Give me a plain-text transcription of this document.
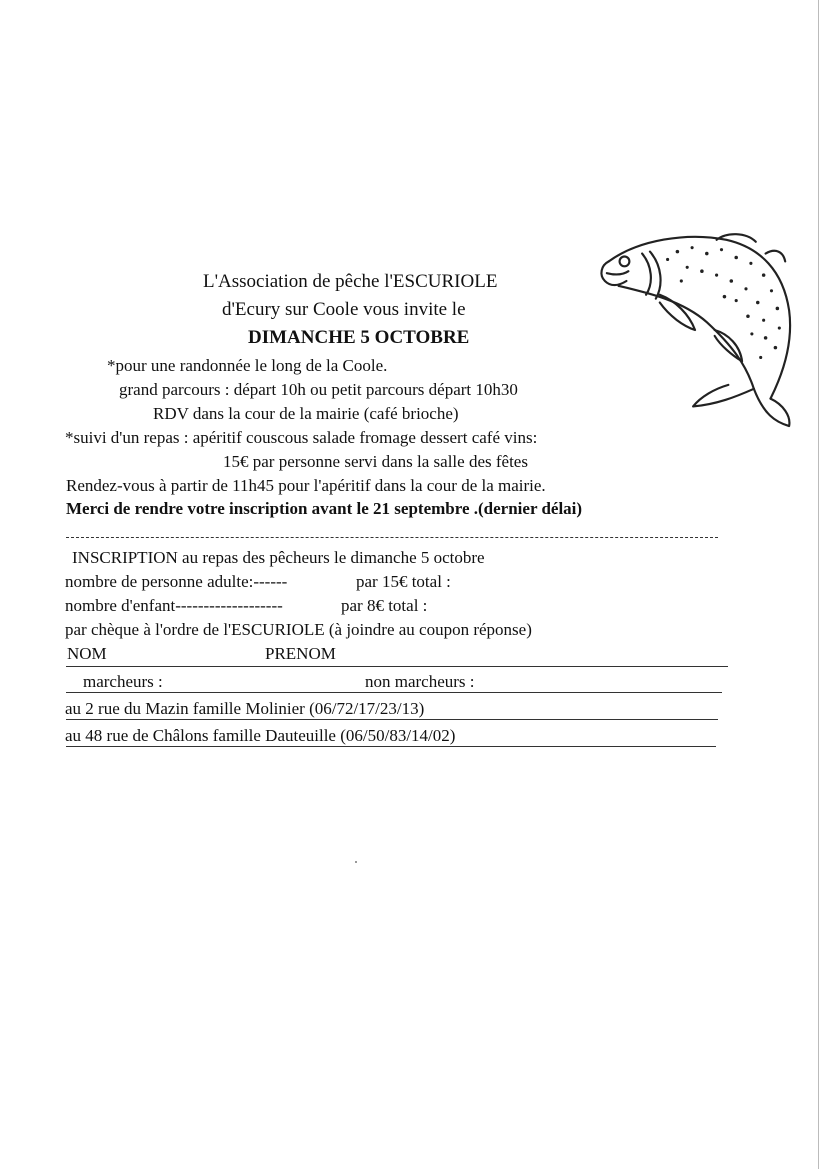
L'Association de pêche l'ESCURIOLE
d'Ecury sur Coole vous invite le
DIMANCHE 5 OCTOBRE
*pour une randonnée le long de la Coole.
grand parcours : départ 10h ou petit parcours départ 10h30
RDV dans la cour de la mairie (café brioche)
*suivi d'un repas : apéritif couscous salade fromage dessert café vins:
15€ par personne servi dans la salle des fêtes
Rendez-vous à partir de 11h45 pour l'apéritif dans la cour de la mairie.
Merci de rendre votre inscription avant le 21 septembre .(dernier délai)
INSCRIPTION au repas des pêcheurs le dimanche 5 octobre
nombre de personne adulte:------	par 15€ total :
nombre d'enfant-------------------	par 8€ total :
par chèque à l'ordre de l'ESCURIOLE (à joindre au coupon réponse)
NOM	PRENOM
marcheurs :	non marcheurs :
au 2 rue du Mazin famille Molinier (06/72/17/23/13)
au 48 rue de Châlons famille Dauteuille (06/50/83/14/02)
